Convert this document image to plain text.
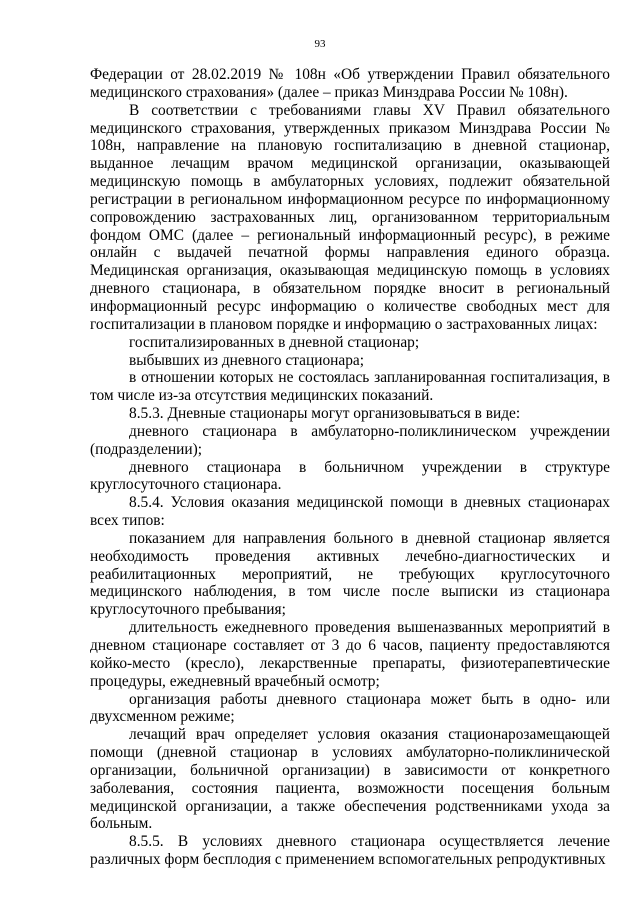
93

Федерации от 28.02.2019 № 108н «Об утверждении Правил обязательного медицинского страхования» (далее – приказ Минздрава России № 108н).

В соответствии с требованиями главы XV Правил обязательного медицинского страхования, утвержденных приказом Минздрава России № 108н, направление на плановую госпитализацию в дневной стационар, выданное лечащим врачом медицинской организации, оказывающей медицинскую помощь в амбулаторных условиях, подлежит обязательной регистрации в региональном информационном ресурсе по информационному сопровождению застрахованных лиц, организованном территориальным фондом ОМС (далее – региональный информационный ресурс), в режиме онлайн с выдачей печатной формы направления единого образца. Медицинская организация, оказывающая медицинскую помощь в условиях дневного стационара, в обязательном порядке вносит в региональный информационный ресурс информацию о количестве свободных мест для госпитализации в плановом порядке и информацию о застрахованных лицах:

госпитализированных в дневной стационар;

выбывших из дневного стационара;

в отношении которых не состоялась запланированная госпитализация, в том числе из-за отсутствия медицинских показаний.

8.5.3. Дневные стационары могут организовываться в виде:

дневного стационара в амбулаторно-поликлиническом учреждении (подразделении);

дневного стационара в больничном учреждении в структуре круглосуточного стационара.

8.5.4. Условия оказания медицинской помощи в дневных стационарах всех типов:

показанием для направления больного в дневной стационар является необходимость проведения активных лечебно-диагностических и реабилитационных мероприятий, не требующих круглосуточного медицинского наблюдения, в том числе после выписки из стационара круглосуточного пребывания;

длительность ежедневного проведения вышеназванных мероприятий в дневном стационаре составляет от 3 до 6 часов, пациенту предоставляются койко-место (кресло), лекарственные препараты, физиотерапевтические процедуры, ежедневный врачебный осмотр;

организация работы дневного стационара может быть в одно- или двухсменном режиме;

лечащий врач определяет условия оказания стационарозамещающей помощи (дневной стационар в условиях амбулаторно-поликлинической организации, больничной организации) в зависимости от конкретного заболевания, состояния пациента, возможности посещения больным медицинской организации, а также обеспечения родственниками ухода за больным.

8.5.5. В условиях дневного стационара осуществляется лечение различных форм бесплодия с применением вспомогательных репродуктивных
